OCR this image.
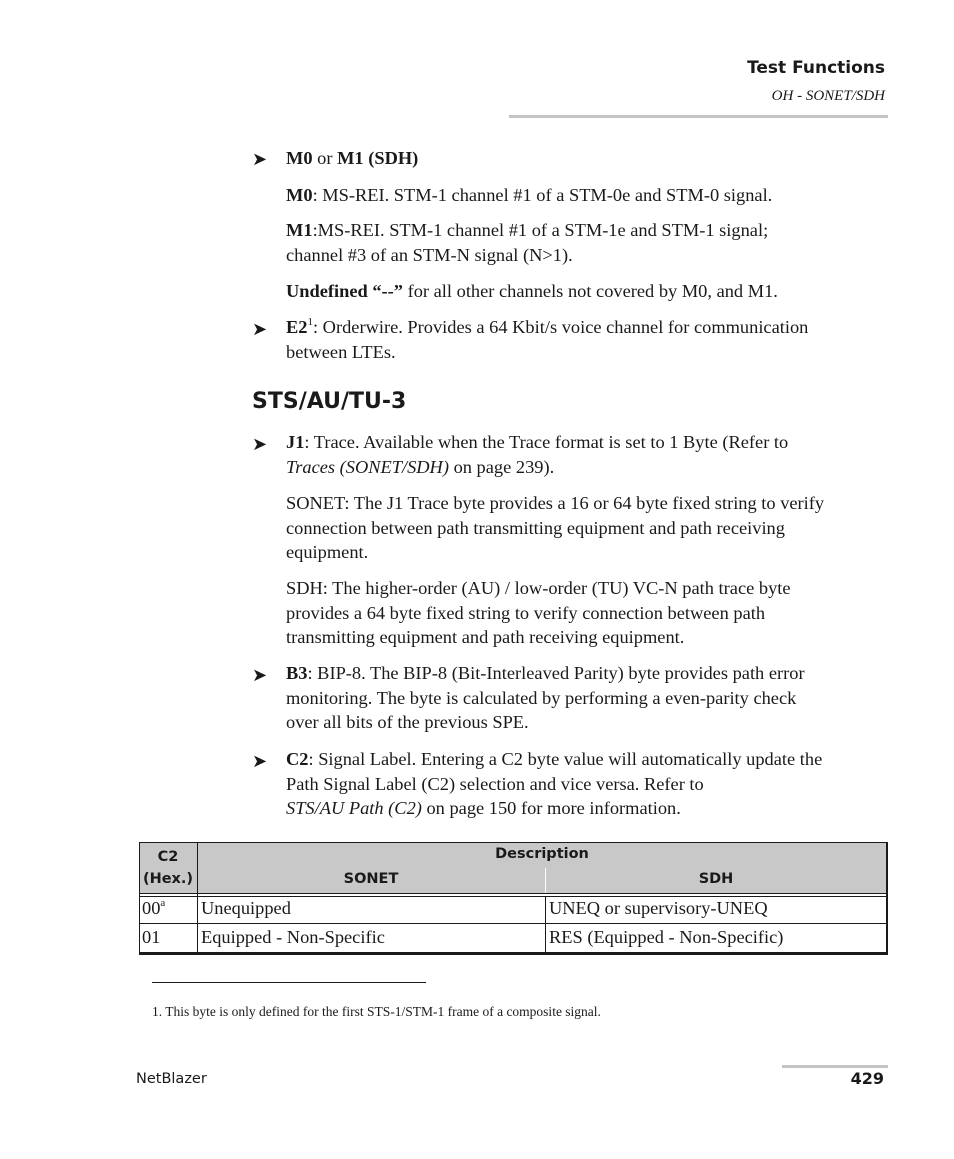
Test Functions
OH - SONET/SDH
➤ M0 or M1 (SDH)
M0: MS-REI. STM-1 channel #1 of a STM-0e and STM-0 signal.
M1:MS-REI. STM-1 channel #1 of a STM-1e and STM-1 signal;
channel #3 of an STM-N signal (N>1).
Undefined “--” for all other channels not covered by M0, and M1.
➤ $E2^1$: Orderwire. Provides a 64 Kbit/s voice channel for communication
between LTEs.
STS/AU/TU-3
➤ J1: Trace. Available when the Trace format is set to 1 Byte (Refer to
Traces (SONET/SDH) on page 239).
SONET: The J1 Trace byte provides a 16 or 64 byte fixed string to verify
connection between path transmitting equipment and path receiving
equipment.
SDH: The higher-order (AU) / low-order (TU) VC-N path trace byte
provides a 64 byte fixed string to verify connection between path
transmitting equipment and path receiving equipment.
➤ B3: BIP-8. The BIP-8 (Bit-Interleaved Parity) byte provides path error
monitoring. The byte is calculated by performing a even-parity check
over all bits of the previous SPE.
➤ C2: Signal Label. Entering a C2 byte value will automatically update the
Path Signal Label (C2) selection and vice versa. Refer to
STS/AU Path (C2) on page 150 for more information.
C2
(Hex.)
Description
SONET	SDH
00$^a$ Unequipped	UNEQ or supervisory-UNEQ
01 Equipped - Non-Specific	RES (Equipped - Non-Specific)
1. This byte is only defined for the first STS-1/STM-1 frame of a composite signal.
NetBlazer	429
